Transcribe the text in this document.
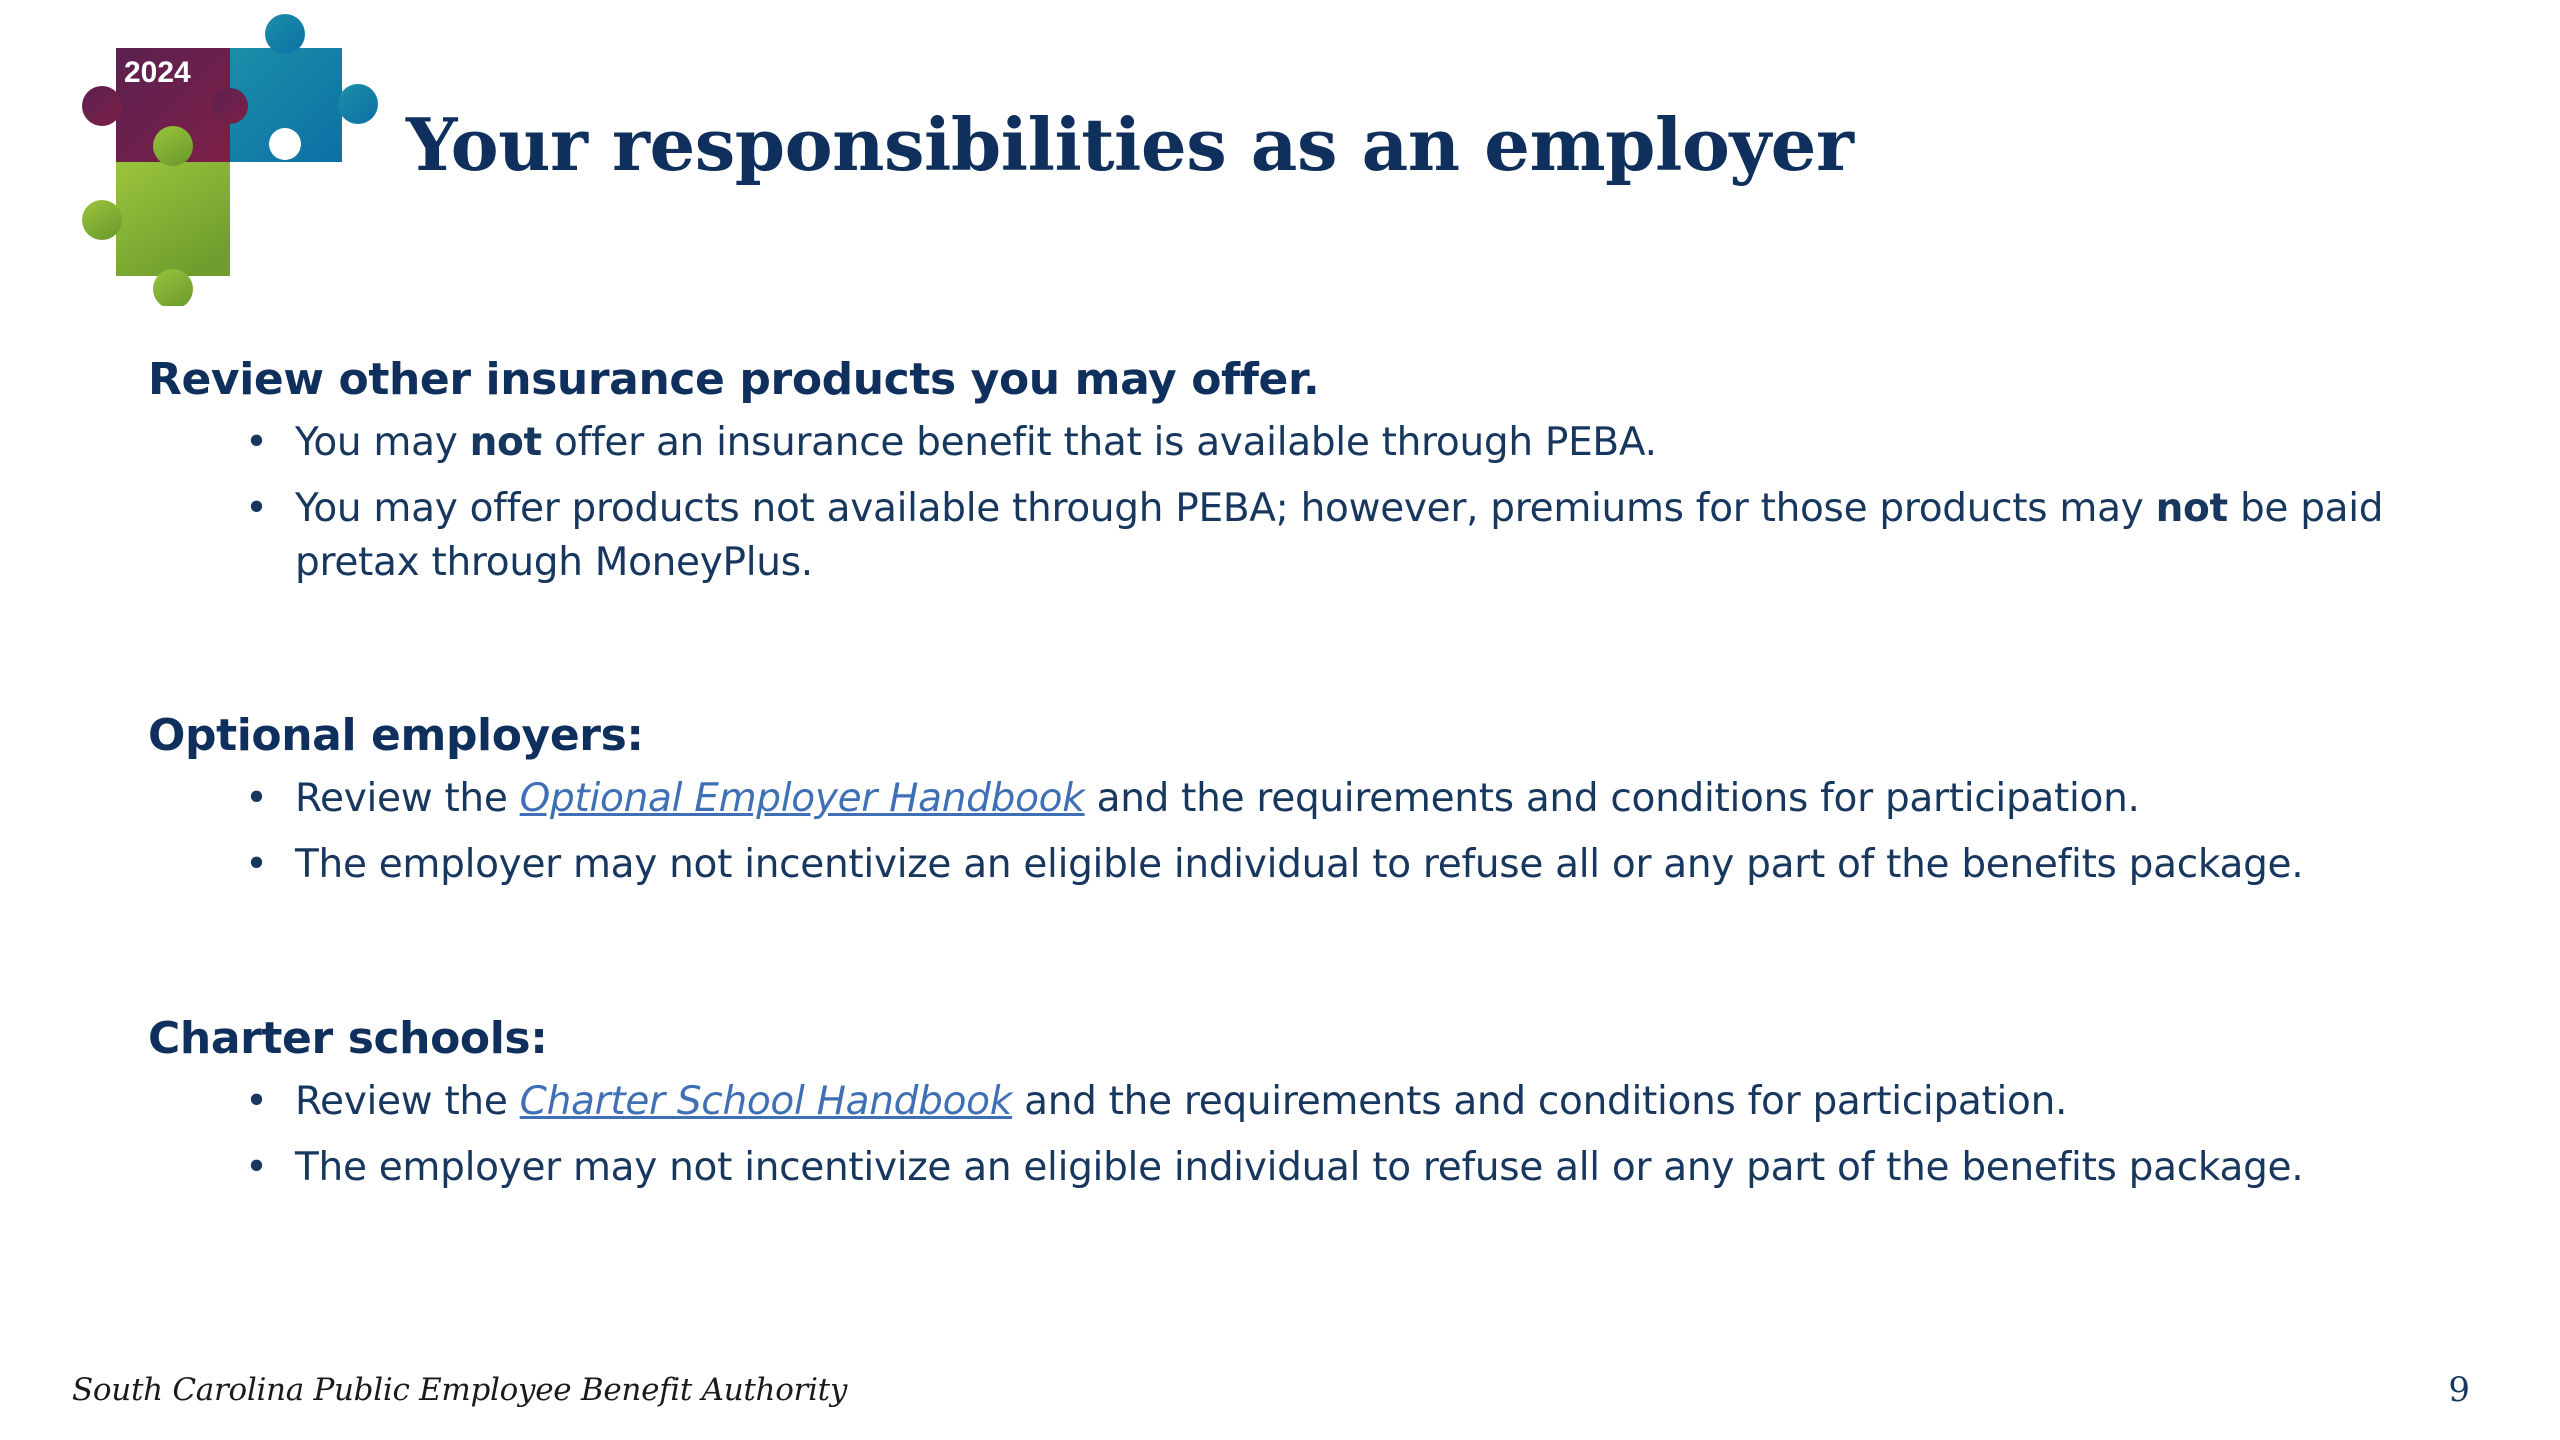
2024
Your responsibilities as an employer
Review other insurance products you may offer.
• You may not offer an insurance benefit that is available through PEBA.
• You may offer products not available through PEBA; however, premiums for those products may not be paid pretax through MoneyPlus.
Optional employers:
• Review the Optional Employer Handbook and the requirements and conditions for participation.
• The employer may not incentivize an eligible individual to refuse all or any part of the benefits package.
Charter schools:
• Review the Charter School Handbook and the requirements and conditions for participation.
• The employer may not incentivize an eligible individual to refuse all or any part of the benefits package.
South Carolina Public Employee Benefit Authority	9
